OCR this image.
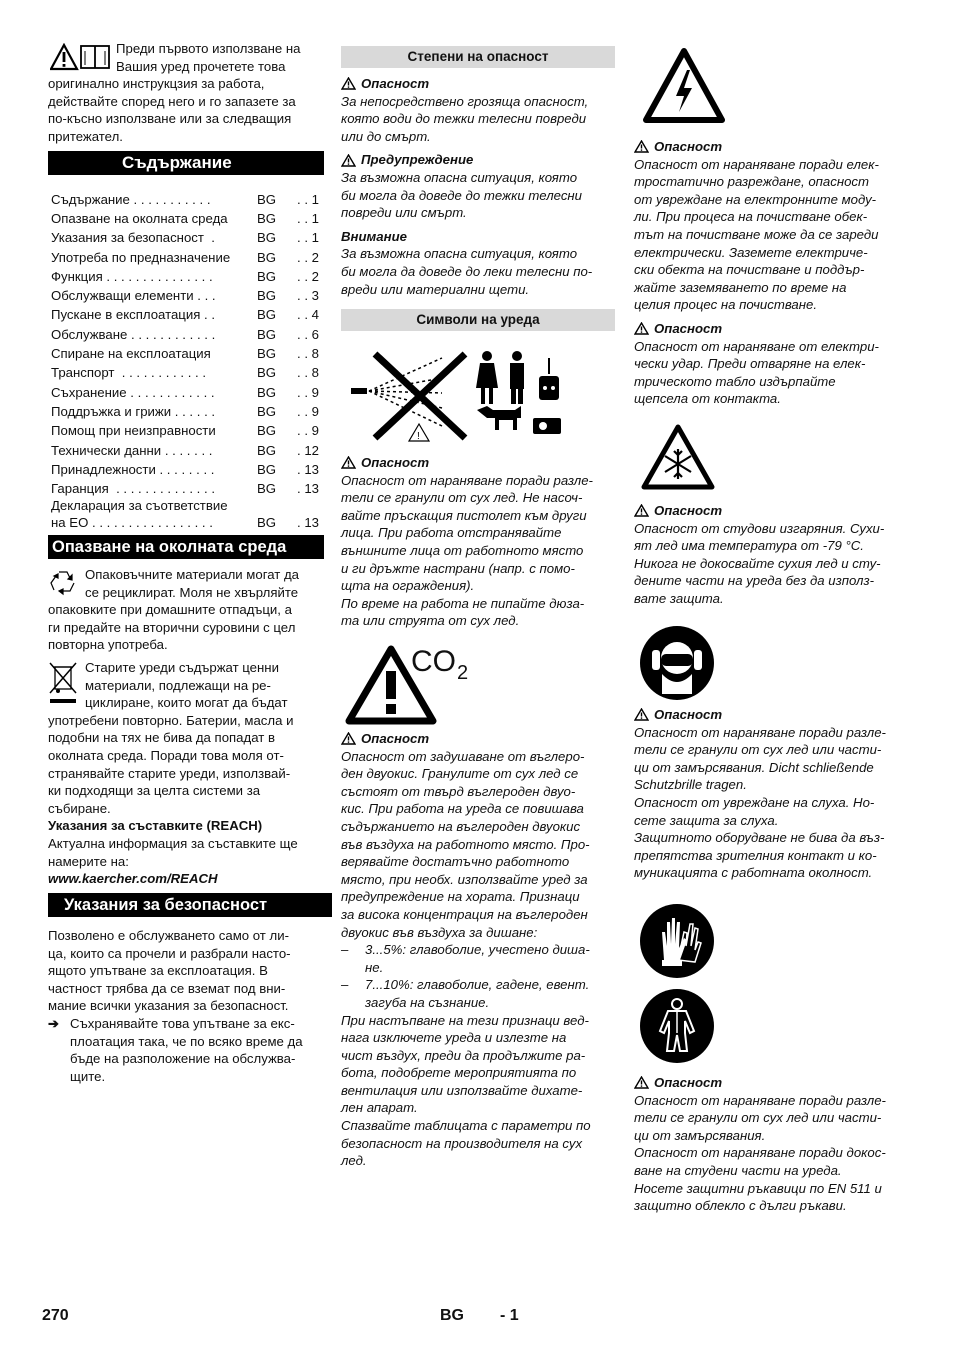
Преди първото използване на

Вашия уред прочетете това

оригинално инструкцзия за работа,

действайте според него и го запазете за

по-късно използване или за следващия

притежател.

Съдържание
Съдържание . . . . . . . . . . .	BG	. . 1
Опазване на околната среда	BG	. . 1
Указания за безопасност  .	BG	. . 1
Употреба по предназначение	BG	. . 2
Функция . . . . . . . . . . . . . . .	BG	. . 2
Обслужващи елементи . . .	BG	. . 3
Пускане в експлоатация . .	BG	. . 4
Обслужване . . . . . . . . . . . .	BG	. . 6
Спиране на експлоатация	BG	. . 8
Транспорт  . . . . . . . . . . . .	BG	. . 8
Съхранение . . . . . . . . . . . .	BG	. . 9
Поддръжка и грижи . . . . . .	BG	. . 9
Помощ при неизправности	BG	. . 9
Технически данни . . . . . . .	BG	. 12
Принадлежности . . . . . . . .	BG	. 13
Гаранция  . . . . . . . . . . . . . .	BG	. 13

Декларация за съответствие

на ЕО . . . . . . . . . . . . . . . . .	BG	. 13
Опазване на околната среда

Опаковъчните материали могат да

се рециклират. Моля не хвърляйте

опаковките при домашните отпадъци, а

ги предайте на вторични суровини с цел

повторна употреба.

Старите уреди съдържат ценни

материали, подлежащи на ре-

циклиране, които могат да бъдат

употребени повторно. Батерии, масла и

подобни на тях не бива да попадат в

околната среда. Поради това моля от-

странявайте старите уреди, използвай-

ки подходящи за целта системи за

събиране.

Указания за съставките (REACH)

Актуална информация за съставките ще

намерите на:

www.kaercher.com/REACH

Указания за безопасност

Позволено е обслужването само от ли-

ца, които са прочели и разбрали насто-

ящото упътване за експлоатация. В

частност трябва да се вземат под вни-

мание всички указания за безопасност.

➔ Съхранявайте това упътване за екс-

плоатация така, че по всяко време да

бъде на разположение на обслужва-

щите.

Степени на опасност
Опасност

За непосредствено грозяща опасност,

която води до тежки телесни повреди

или до смърт.

Предупреждение

За възможна опасна ситуация, която

би могла да доведе до тежки телесни

повреди или смърт.

Внимание

За възможна опасна ситуация, която

би могла да доведе до леки телесни по-

вреди или материални щети.

Символи на уреда
!
Опасност

Опасност от нараняване поради разле-

тели се гранули от сух лед. Не насоч-

вайте пръскащия пистолет към други

лица. При работа отстранявайте

външните лица от работното място

и ги дръжте настрани (напр. с помо-

щта на ограждения).

По време на работа не пипайте дюза-

та или струята от сух лед.

CO 2
Опасност

Опасност от задушаване от въглеро-

ден двуокис. Гранулите от сух лед се

състоят от твърд въглероден двуо-

кис. При работа на уреда се повишава

съдържанието на въглероден двуокис

във въздуха на работното място. Про-

верявайте достатъчно работното

място, при необх. използвайте уред за

предупреждение на хората. Признаци

за висока концентрация на въглероден

двуокис във въздуха за дишане:

–	3...5%: главоболие, учестено диша-

не.

–	7...10%: главоболие, гадене, евент.

загуба на съзнание.

При настъпване на тези признаци вед-

нага изключете уреда и излезте на

чист въздух, преди да продължите ра-

бота, подобрете мероприятията по

вентилация или използвайте дихате-

лен апарат.

Спазвайте таблицата с параметри по

безопасност на производителя на сух

лед.

Опасност

Опасност от нараняване поради елек-

тростатично разреждане, опасност

от увреждане на електронните моду-

ли. При процеса на почистване обек-

тът на почистване може да се зареди

електрически. Заземете електриче-

ски обекта на почистване и поддър-

жайте заземяването по време на

целия процес на почистване.

Опасност

Опасност от нараняване от електри-

чески удар. Преди отваряне на елек-

трическото табло издърпайте

щепсела от контакта.

Опасност

Опасност от студови изгаряния. Сухи-

ят лед има температура от -79 °C.

Никога не докосвайте сухия лед и сту-

дените части на уреда без да използ-

вате защита.

Опасност

Опасност от нараняване поради разле-

тели се гранули от сух лед или части-

ци от замърсявания. Dicht schließende

Schutzbrille tragen.

Опасност от увреждане на слуха. Но-

сете защита за слуха.

Защитното оборудване не бива да въз-

препятства зрителния контакт и ко-

муникацията с работната околност.

Опасност

Опасност от нараняване поради разле-

тели се гранули от сух лед или части-

ци от замърсявания.

Опасност от нараняване поради докос-

ване на студени части на уреда.

Носете защитни ръкавици по EN 511 и

защитно облекло с дълги ръкави.

270	BG - 1
